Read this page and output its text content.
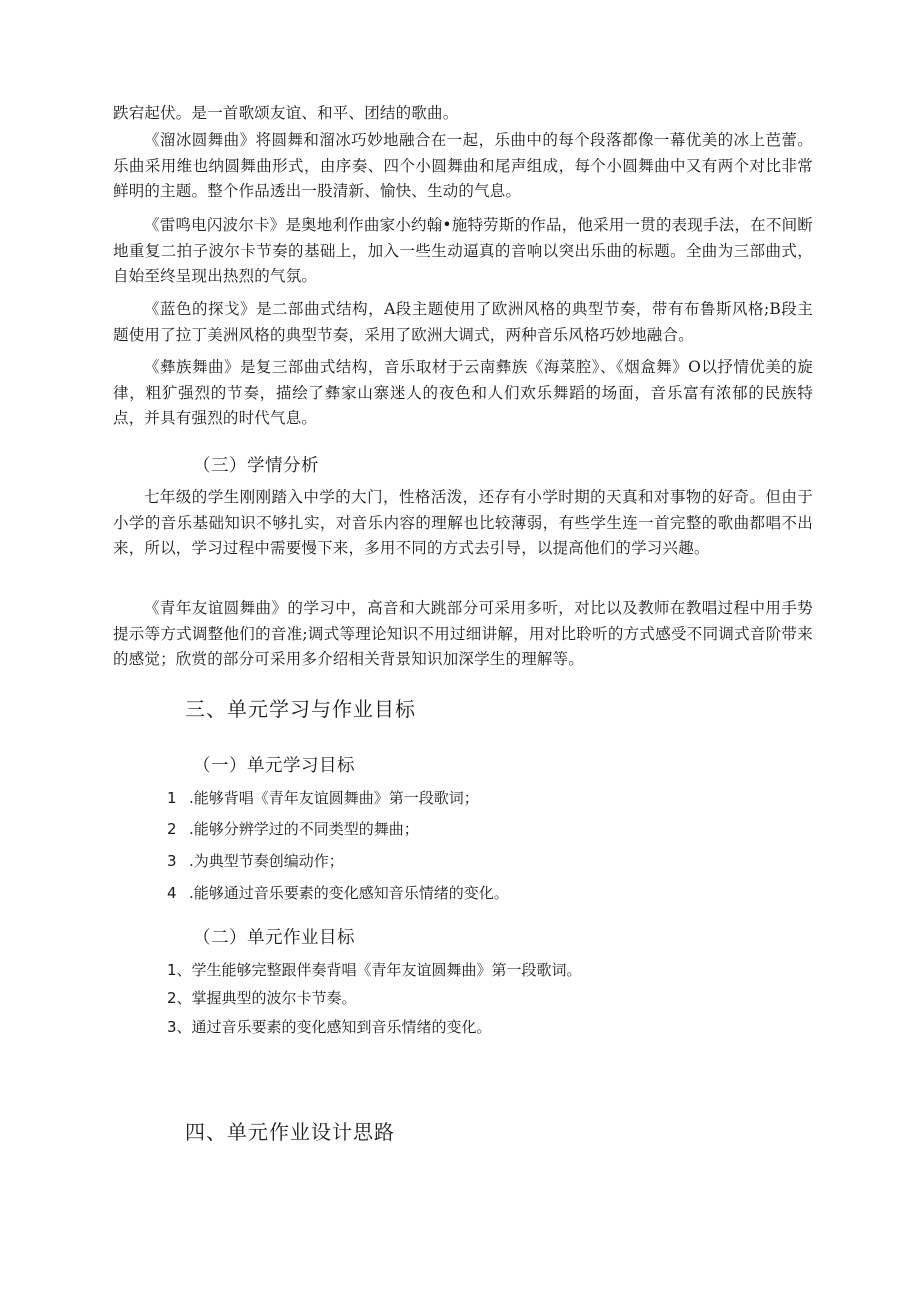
跌宕起伏。是一首歌颂友谊、和平、团结的歌曲。

《溜冰圆舞曲》将圆舞和溜冰巧妙地融合在一起，乐曲中的每个段落都像一幕优美的冰上芭蕾。乐曲采用维也纳圆舞曲形式，由序奏、四个小圆舞曲和尾声组成，每个小圆舞曲中又有两个对比非常鲜明的主题。整个作品透出一股清新、愉快、生动的气息。

《雷鸣电闪波尔卡》是奥地利作曲家小约翰•施特劳斯的作品，他采用一贯的表现手法，在不间断地重复二拍子波尔卡节奏的基础上，加入一些生动逼真的音响以突出乐曲的标题。全曲为三部曲式，自始至终呈现出热烈的气氛。

《蓝色的探戈》是二部曲式结构，A段主题使用了欧洲风格的典型节奏，带有布鲁斯风格;B段主题使用了拉丁美洲风格的典型节奏，采用了欧洲大调式，两种音乐风格巧妙地融合。

《彝族舞曲》是复三部曲式结构，音乐取材于云南彝族《海菜腔》、《烟盒舞》O以抒情优美的旋律，粗犷强烈的节奏，描绘了彝家山寨迷人的夜色和人们欢乐舞蹈的场面，音乐富有浓郁的民族特点，并具有强烈的时代气息。

（三）学情分析

七年级的学生刚刚踏入中学的大门，性格活泼，还存有小学时期的天真和对事物的好奇。但由于小学的音乐基础知识不够扎实，对音乐内容的理解也比较薄弱，有些学生连一首完整的歌曲都唱不出来，所以，学习过程中需要慢下来，多用不同的方式去引导，以提高他们的学习兴趣。

《青年友谊圆舞曲》的学习中，高音和大跳部分可采用多听，对比以及教师在教唱过程中用手势提示等方式调整他们的音准;调式等理论知识不用过细讲解，用对比聆听的方式感受不同调式音阶带来的感觉；欣赏的部分可采用多介绍相关背景知识加深学生的理解等。

三、单元学习与作业目标
（一）单元学习目标

1 .能够背唱《青年友谊圆舞曲》第一段歌词；

2 .能够分辨学过的不同类型的舞曲；

3 .为典型节奏创编动作；

4 .能够通过音乐要素的变化感知音乐情绪的变化。

（二）单元作业目标

1、学生能够完整跟伴奏背唱《青年友谊圆舞曲》第一段歌词。

2、掌握典型的波尔卡节奏。

3、通过音乐要素的变化感知到音乐情绪的变化。

四、单元作业设计思路
